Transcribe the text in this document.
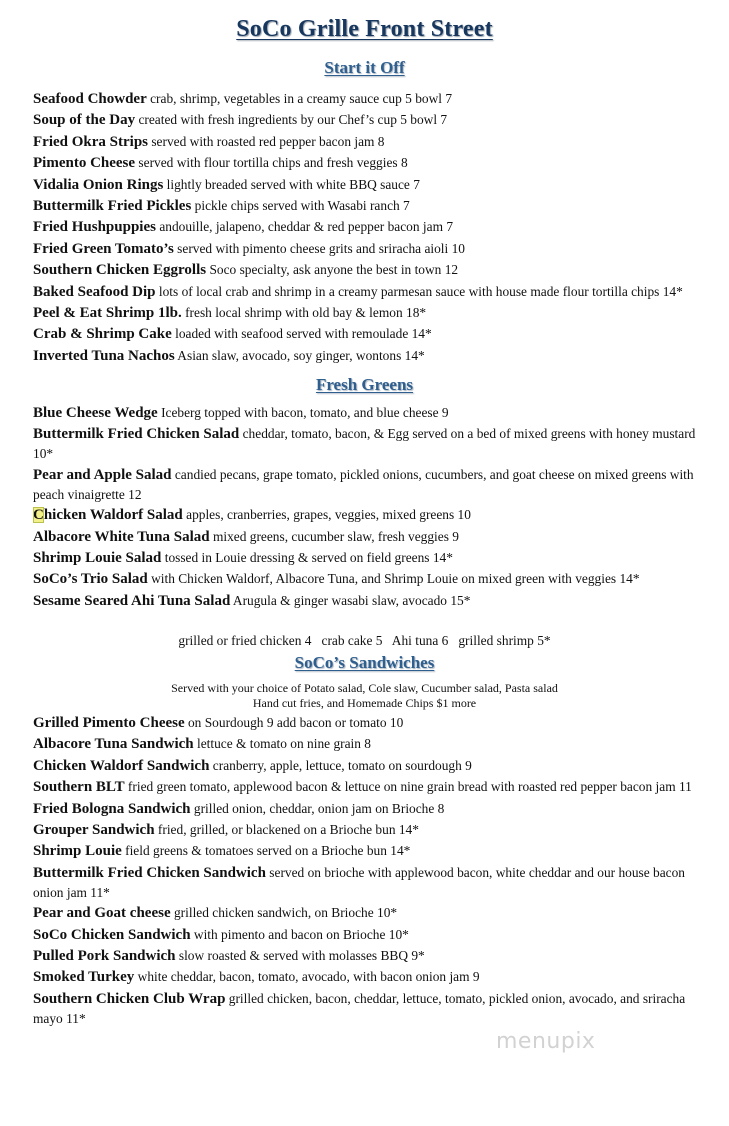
SoCo Grille Front Street
Start it Off
Seafood Chowder crab, shrimp, vegetables in a creamy sauce cup 5 bowl 7
Soup of the Day created with fresh ingredients by our Chef’s cup 5 bowl 7
Fried Okra Strips served with roasted red pepper bacon jam 8
Pimento Cheese served with flour tortilla chips and fresh veggies 8
Vidalia Onion Rings lightly breaded served with white BBQ sauce 7
Buttermilk Fried Pickles pickle chips served with Wasabi ranch 7
Fried Hushpuppies andouille, jalapeno, cheddar & red pepper bacon jam 7
Fried Green Tomato’s served with pimento cheese grits and sriracha aioli 10
Southern Chicken Eggrolls Soco specialty, ask anyone the best in town 12
Baked Seafood Dip lots of local crab and shrimp in a creamy parmesan sauce with house made flour tortilla chips 14*
Peel & Eat Shrimp 1lb. fresh local shrimp with old bay & lemon 18*
Crab & Shrimp Cake loaded with seafood served with remoulade 14*
Inverted Tuna Nachos Asian slaw, avocado, soy ginger, wontons 14*
Fresh Greens
Blue Cheese Wedge Iceberg topped with bacon, tomato, and blue cheese 9
Buttermilk Fried Chicken Salad cheddar, tomato, bacon, & Egg served on a bed of mixed greens with honey mustard 10*
Pear and Apple Salad candied pecans, grape tomato, pickled onions, cucumbers, and goat cheese on mixed greens with peach vinaigrette 12
Chicken Waldorf Salad apples, cranberries, grapes, veggies, mixed greens 10
Albacore White Tuna Salad mixed greens, cucumber slaw, fresh veggies 9
Shrimp Louie Salad tossed in Louie dressing & served on field greens 14*
SoCo’s Trio Salad with Chicken Waldorf, Albacore Tuna, and Shrimp Louie on mixed green with veggies 14*
Sesame Seared Ahi Tuna Salad Arugula & ginger wasabi slaw, avocado 15*
grilled or fried chicken 4   crab cake 5   Ahi tuna 6   grilled shrimp 5*
SoCo’s Sandwiches
Served with your choice of Potato salad, Cole slaw, Cucumber salad, Pasta salad
Hand cut fries, and Homemade Chips $1 more
Grilled Pimento Cheese on Sourdough 9 add bacon or tomato 10
Albacore Tuna Sandwich lettuce & tomato on nine grain 8
Chicken Waldorf Sandwich cranberry, apple, lettuce, tomato on sourdough 9
Southern BLT fried green tomato, applewood bacon & lettuce on nine grain bread with roasted red pepper bacon jam 11
Fried Bologna Sandwich grilled onion, cheddar, onion jam on Brioche 8
Grouper Sandwich fried, grilled, or blackened on a Brioche bun 14*
Shrimp Louie field greens & tomatoes served on a Brioche bun 14*
Buttermilk Fried Chicken Sandwich served on brioche with applewood bacon, white cheddar and our house bacon onion jam 11*
Pear and Goat cheese grilled chicken sandwich, on Brioche 10*
SoCo Chicken Sandwich with pimento and bacon on Brioche 10*
Pulled Pork Sandwich slow roasted & served with molasses BBQ 9*
Smoked Turkey white cheddar, bacon, tomato, avocado, with bacon onion jam 9
Southern Chicken Club Wrap grilled chicken, bacon, cheddar, lettuce, tomato, pickled onion, avocado, and sriracha mayo 11*
menupix
